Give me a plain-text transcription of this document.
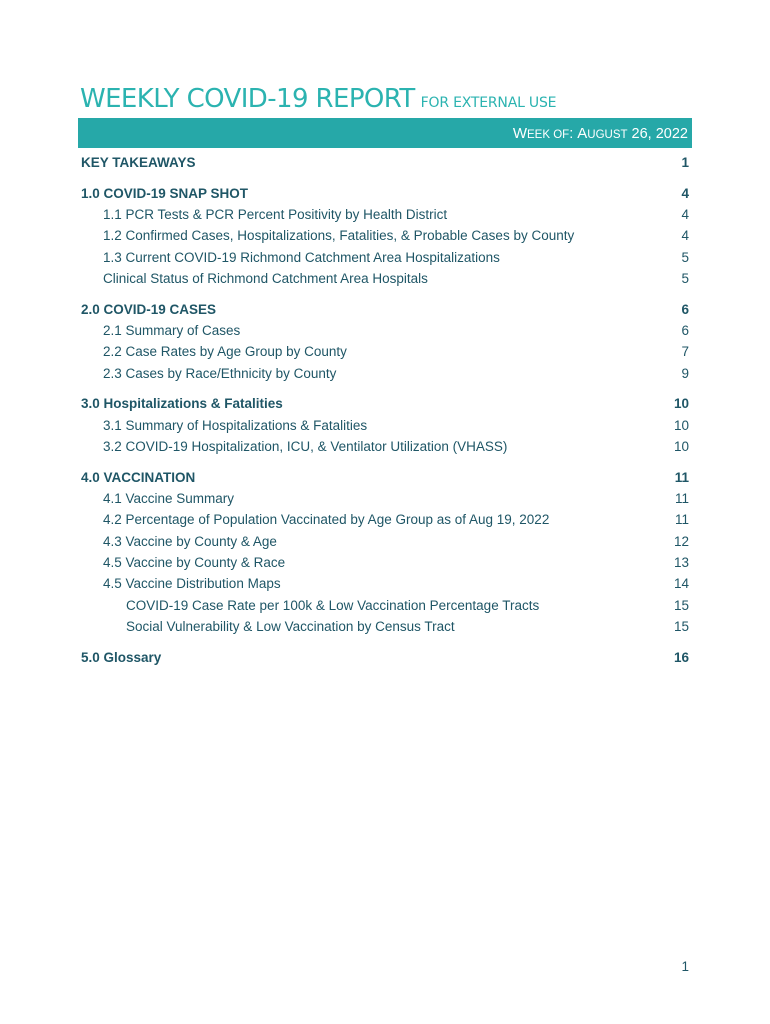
WEEKLY COVID-19 REPORT FOR EXTERNAL USE
WEEK OF: AUGUST 26, 2022
KEY TAKEAWAYS	1
1.0 COVID-19 SNAP SHOT	4
1.1 PCR Tests & PCR Percent Positivity by Health District	4
1.2 Confirmed Cases, Hospitalizations, Fatalities, & Probable Cases by County	4
1.3 Current COVID-19 Richmond Catchment Area Hospitalizations	5
Clinical Status of Richmond Catchment Area Hospitals	5
2.0 COVID-19 CASES	6
2.1 Summary of Cases	6
2.2 Case Rates by Age Group by County	7
2.3 Cases by Race/Ethnicity by County	9
3.0 Hospitalizations & Fatalities	10
3.1 Summary of Hospitalizations & Fatalities	10
3.2 COVID-19 Hospitalization, ICU, & Ventilator Utilization (VHASS)	10
4.0 VACCINATION	11
4.1 Vaccine Summary	11
4.2 Percentage of Population Vaccinated by Age Group as of Aug 19, 2022	11
4.3 Vaccine by County & Age	12
4.5 Vaccine by County & Race	13
4.5 Vaccine Distribution Maps	14
COVID-19 Case Rate per 100k & Low Vaccination Percentage Tracts	15
Social Vulnerability & Low Vaccination by Census Tract	15
5.0 Glossary	16
1
